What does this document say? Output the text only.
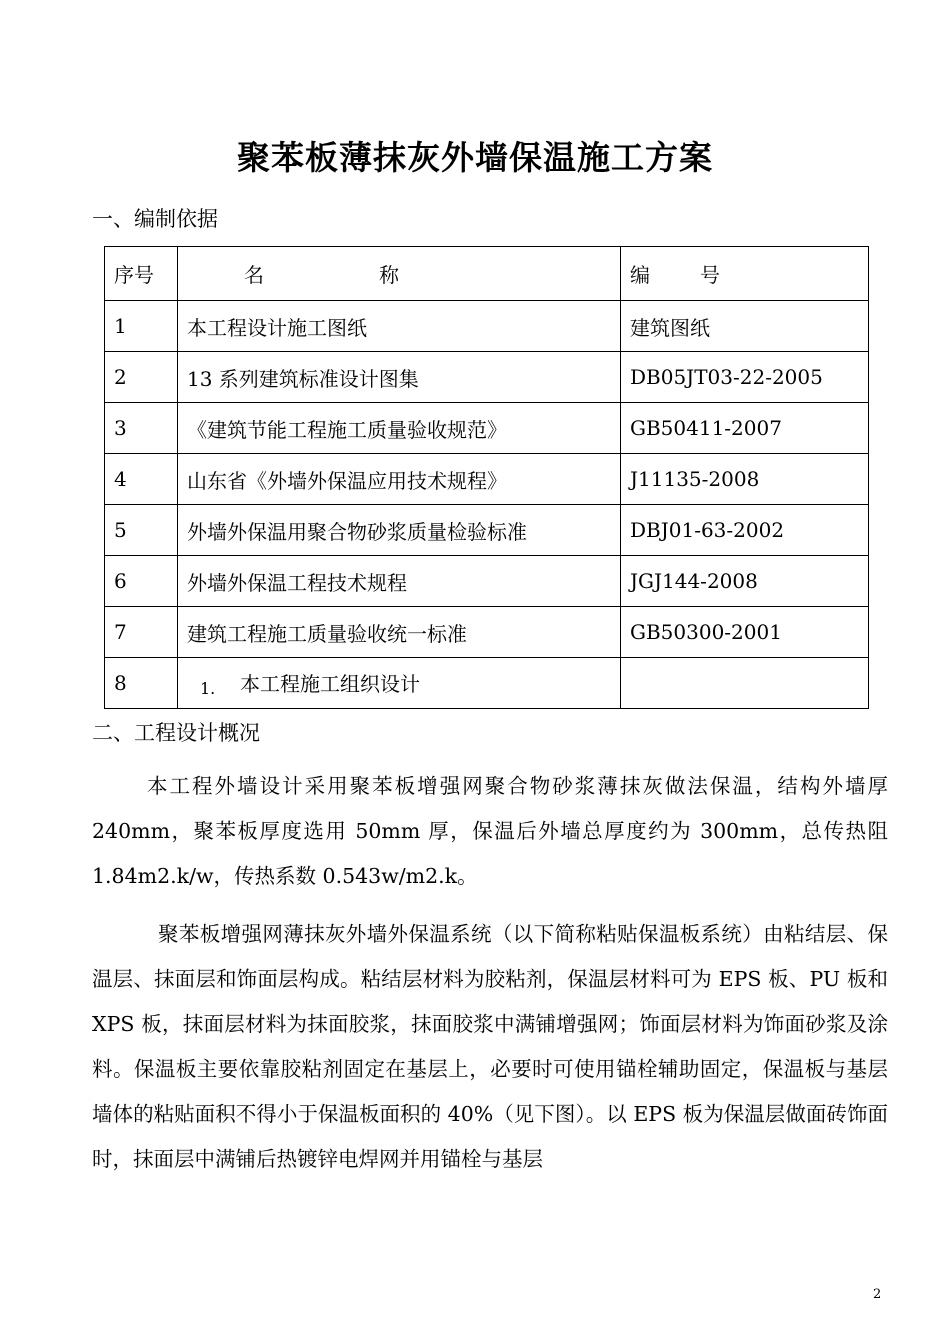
聚苯板薄抹灰外墙保温施工方案

一、编制依据

序号	名 称	编 号

1	本工程设计施工图纸	建筑图纸
2	13 系列建筑标准设计图集	DB05JT03-22-2005
3	《建筑节能工程施工质量验收规范》	GB50411-2007
4	山东省《外墙外保温应用技术规程》	J11135-2008
5	外墙外保温用聚合物砂浆质量检验标准	DBJ01-63-2002
6	外墙外保温工程技术规程	JGJ144-2008
7	建筑工程施工质量验收统一标准	GB50300-2001
8	1. 本工程施工组织设计	

二、工程设计概况

本工程外墙设计采用聚苯板增强网聚合物砂浆薄抹灰做法保温，结构外墙厚 240mm，聚苯板厚度选用 50mm 厚，保温后外墙总厚度约为 300mm，总传热阻 1.84m2.k/w，传热系数 0.543w/m2.k。

聚苯板增强网薄抹灰外墙外保温系统（以下简称粘贴保温板系统）由粘结层、保温层、抹面层和饰面层构成。粘结层材料为胶粘剂，保温层材料可为 EPS 板、PU 板和 XPS 板，抹面层材料为抹面胶浆，抹面胶浆中满铺增强网；饰面层材料为饰面砂浆及涂料。保温板主要依靠胶粘剂固定在基层上，必要时可使用锚栓辅助固定，保温板与基层墙体的粘贴面积不得小于保温板面积的 40%（见下图）。以 EPS 板为保温层做面砖饰面时，抹面层中满铺后热镀锌电焊网并用锚栓与基层

2
